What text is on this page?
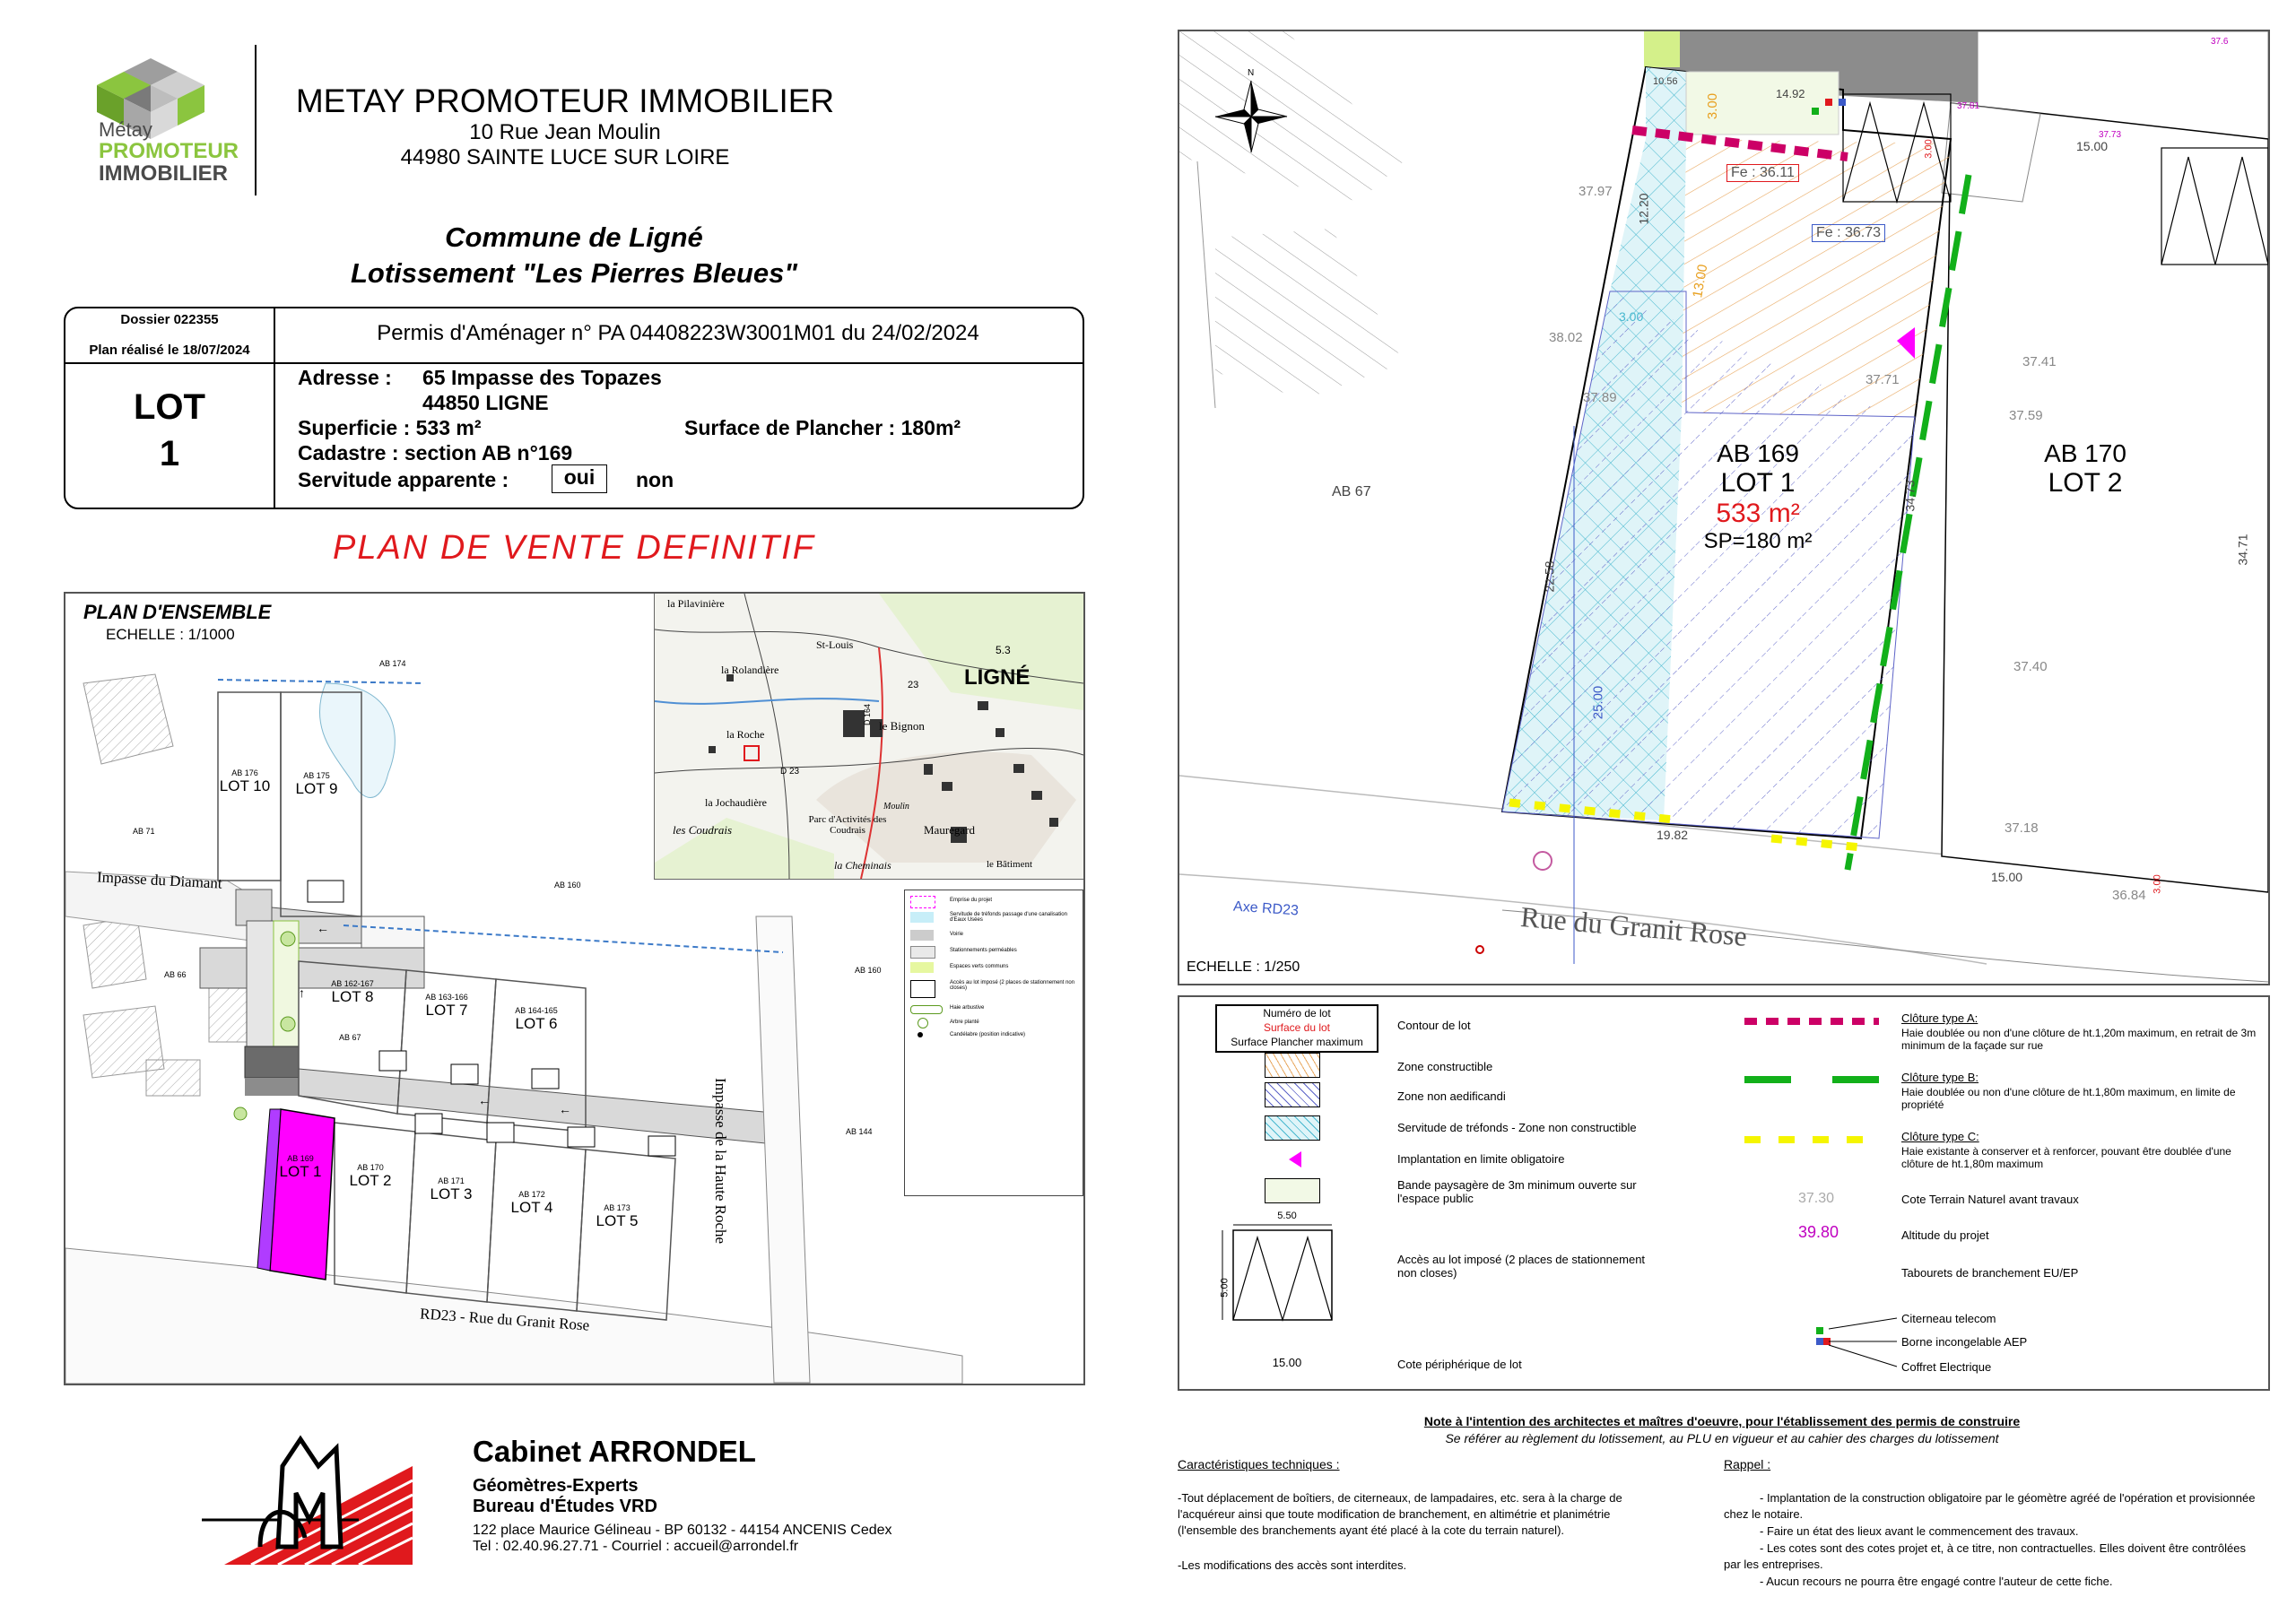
Métay
PROMOTEUR
IMMOBILIER
METAY PROMOTEUR IMMOBILIER
10 Rue Jean Moulin
44980 SAINTE LUCE SUR LOIRE
Commune de Ligné
Lotissement "Les Pierres Bleues"
Dossier 022355
Plan réalisé le 18/07/2024
LOT
1
Permis d'Aménager n° PA 04408223W3001M01 du 24/02/2024
Adresse : 65 Impasse des Topazes
44850 LIGNE
Superficie : 533 m²	Surface de Plancher : 180m²
Cadastre : section AB n°169
Servitude apparente :	oui	non
PLAN DE VENTE DEFINITIF
←
←
←
↑
PLAN D'ENSEMBLE
ECHELLE : 1/1000
Impasse du Diamant
Impasse de la Haute Roche
RD23 - Rue du Granit Rose
AB 176
LOT 10
AB 175
LOT 9
AB 162-167
LOT 8	AB 163-166
LOT 7	AB 164-165
LOT 6
AB 169
LOT 1	AB 170
LOT 2	AB 171
LOT 3	AB 172
LOT 4	AB 173
LOT 5
AB 174
AB 71
AB 160
AB 66
AB 67
AB 144
AB 160
la Pilavinière
St-Louis
la Rolandière	LIGNÉ
la Roche
le Bignon
la Jochaudière
les Coudrais
Parc d'Activités des Coudrais	Mauregard
la Cheminais	le Bâtiment
Moulin
23
5.3
D 164
D 23
Emprise du projet
Servitude de tréfonds passage d'une canalisation d'Eaux Usées
Voirie
Stationnements perméables
Espaces verts communs
Accès au lot imposé (2 places de stationnement non closes)
Haie arbustive
Arbre planté
Candélabre (position indicative)
N
AB 169
LOT 1
533 m²
SP=180 m²
AB 170
LOT 2
AB 67
ECHELLE : 1/250
Rue du Granit Rose
Axe RD23
Fe : 36.11
Fe : 36.73
3.00
12.20
13.00
3.00
22.58
25.00
34.73
34.71
19.82
15.00
15.00
14.92
3.00
3.00
10.56
37.97
38.02
37.89
37.71
37.41
37.59
37.40
37.18
36.84
37.81
37.73
37.6
Numéro de lot
Surface du lot
Surface Plancher maximum
Contour de lot
Zone constructible
Zone non aedificandi
Servitude de tréfonds - Zone non constructible
Implantation en limite obligatoire
Bande paysagère de 3m minimum ouverte sur l'espace public
5.50
5.00
Accès au lot imposé (2 places de stationnement non closes)
15.00	Cote périphérique de lot
Clôture type A:
Haie doublée ou non d'une clôture de ht.1,20m maximum, en retrait de 3m minimum de la façade sur rue
Clôture type B:
Haie doublée ou non d'une clôture de ht.1,80m maximum, en limite de propriété
Clôture type C:
Haie existante à conserver et à renforcer, pouvant être doublée d'une clôture de ht.1,80m maximum
37.30	Cote Terrain Naturel avant travaux
39.80	Altitude du projet
Tabourets de branchement EU/EP
Citerneau telecom
Borne incongelable AEP
Coffret Electrique
Cabinet ARRONDEL
Géomètres-Experts
Bureau d'Études VRD
122 place Maurice Gélineau - BP 60132 - 44154 ANCENIS Cedex
Tel : 02.40.96.27.71 - Courriel : accueil@arrondel.fr
Note à l'intention des architectes et maîtres d'oeuvre, pour l'établissement des permis de construire
Se référer au règlement du lotissement, au PLU en vigueur et au cahier des charges du lotissement
Caractéristiques techniques :
-Tout déplacement de boîtiers, de citerneaux, de lampadaires, etc. sera à la charge de l'acquéreur ainsi que toute modification de branchement, en altimétrie et planimétrie (l'ensemble des branchements ayant été placé à la cote du terrain naturel).
-Les modifications des accès sont interdites.
Rappel :
- Implantation de la construction obligatoire par le géomètre agréé de l'opération et provisionnée chez le notaire.
- Faire un état des lieux avant le commencement des travaux.
- Les cotes sont des cotes projet et, à ce titre, non contractuelles. Elles doivent être contrôlées par les entreprises.
- Aucun recours ne pourra être engagé contre l'auteur de cette fiche.
